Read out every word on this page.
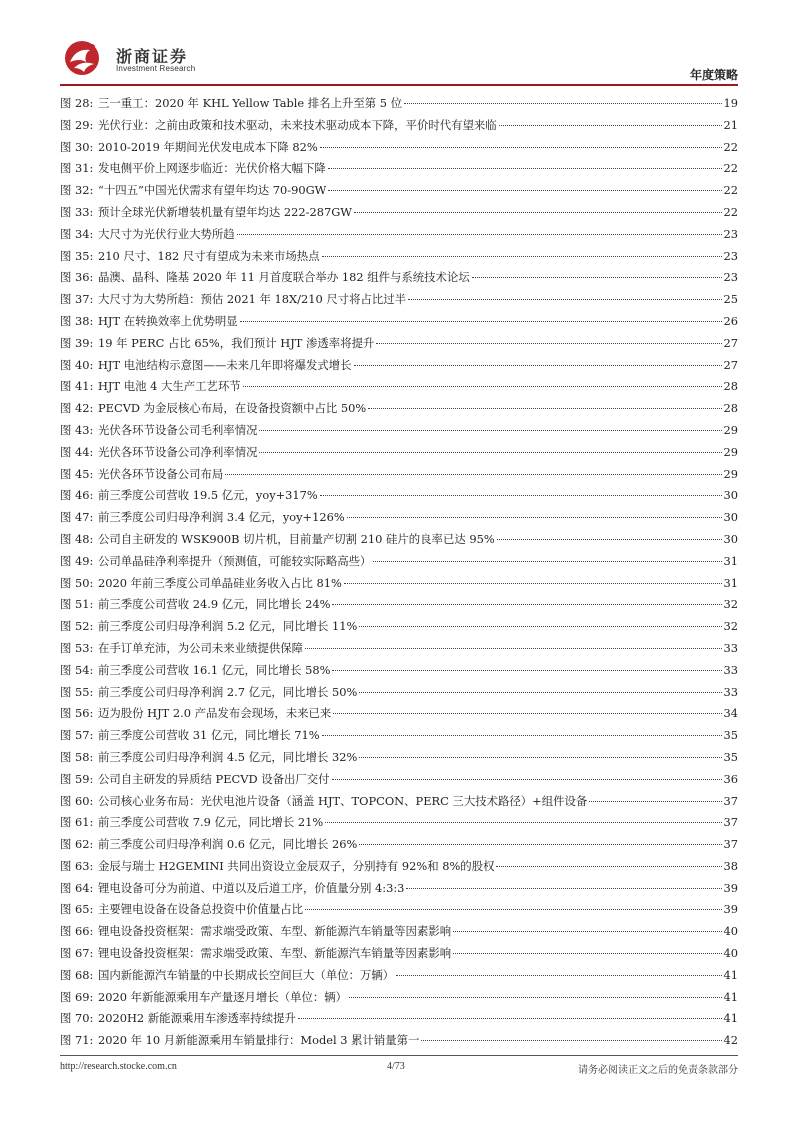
浙商证券
Investment Research	年度策略
图 28: 三一重工：2020 年 KHL Yellow Table 排名上升至第 5 位	19
图 29: 光伏行业：之前由政策和技术驱动，未来技术驱动成本下降，平价时代有望来临	21
图 30: 2010-2019 年期间光伏发电成本下降 82%	22
图 31: 发电侧平价上网逐步临近：光伏价格大幅下降	22
图 32: “十四五”中国光伏需求有望年均达 70-90GW	22
图 33: 预计全球光伏新增装机量有望年均达 222-287GW	22
图 34: 大尺寸为光伏行业大势所趋	23
图 35: 210 尺寸、182 尺寸有望成为未来市场热点	23
图 36: 晶澳、晶科、隆基 2020 年 11 月首度联合举办 182 组件与系统技术论坛	23
图 37: 大尺寸为大势所趋：预估 2021 年 18X/210 尺寸将占比过半	25
图 38: HJT 在转换效率上优势明显	26
图 39: 19 年 PERC 占比 65%，我们预计 HJT 渗透率将提升	27
图 40: HJT 电池结构示意图——未来几年即将爆发式增长	27
图 41: HJT 电池 4 大生产工艺环节	28
图 42: PECVD 为金辰核心布局，在设备投资额中占比 50%	28
图 43: 光伏各环节设备公司毛利率情况	29
图 44: 光伏各环节设备公司净利率情况	29
图 45: 光伏各环节设备公司布局	29
图 46: 前三季度公司营收 19.5 亿元，yoy+317%	30
图 47: 前三季度公司归母净利润 3.4 亿元，yoy+126%	30
图 48: 公司自主研发的 WSK900B 切片机，目前量产切割 210 硅片的良率已达 95%	30
图 49: 公司单晶硅净利率提升（预测值，可能较实际略高些）	31
图 50: 2020 年前三季度公司单晶硅业务收入占比 81%	31
图 51: 前三季度公司营收 24.9 亿元，同比增长 24%	32
图 52: 前三季度公司归母净利润 5.2 亿元，同比增长 11%	32
图 53: 在手订单充沛，为公司未来业绩提供保障	33
图 54: 前三季度公司营收 16.1 亿元，同比增长 58%	33
图 55: 前三季度公司归母净利润 2.7 亿元，同比增长 50%	33
图 56: 迈为股份 HJT 2.0 产品发布会现场，未来已来	34
图 57: 前三季度公司营收 31 亿元，同比增长 71%	35
图 58: 前三季度公司归母净利润 4.5 亿元，同比增长 32%	35
图 59: 公司自主研发的异质结 PECVD 设备出厂交付	36
图 60: 公司核心业务布局：光伏电池片设备（涵盖 HJT、TOPCON、PERC 三大技术路径）+组件设备	37
图 61: 前三季度公司营收 7.9 亿元，同比增长 21%	37
图 62: 前三季度公司归母净利润 0.6 亿元，同比增长 26%	37
图 63: 金辰与瑞士 H2GEMINI 共同出资设立金辰双子，分别持有 92%和 8%的股权	38
图 64: 锂电设备可分为前道、中道以及后道工序，价值量分别 4:3:3	39
图 65: 主要锂电设备在设备总投资中价值量占比	39
图 66: 锂电设备投资框架：需求端受政策、车型、新能源汽车销量等因素影响	40
图 67: 锂电设备投资框架：需求端受政策、车型、新能源汽车销量等因素影响	40
图 68: 国内新能源汽车销量的中长期成长空间巨大（单位：万辆）	41
图 69: 2020 年新能源乘用车产量逐月增长（单位：辆）	41
图 70: 2020H2 新能源乘用车渗透率持续提升	41
图 71: 2020 年 10 月新能源乘用车销量排行：Model 3 累计销量第一	42
http://research.stocke.com.cn	4/73	请务必阅读正文之后的免责条款部分
